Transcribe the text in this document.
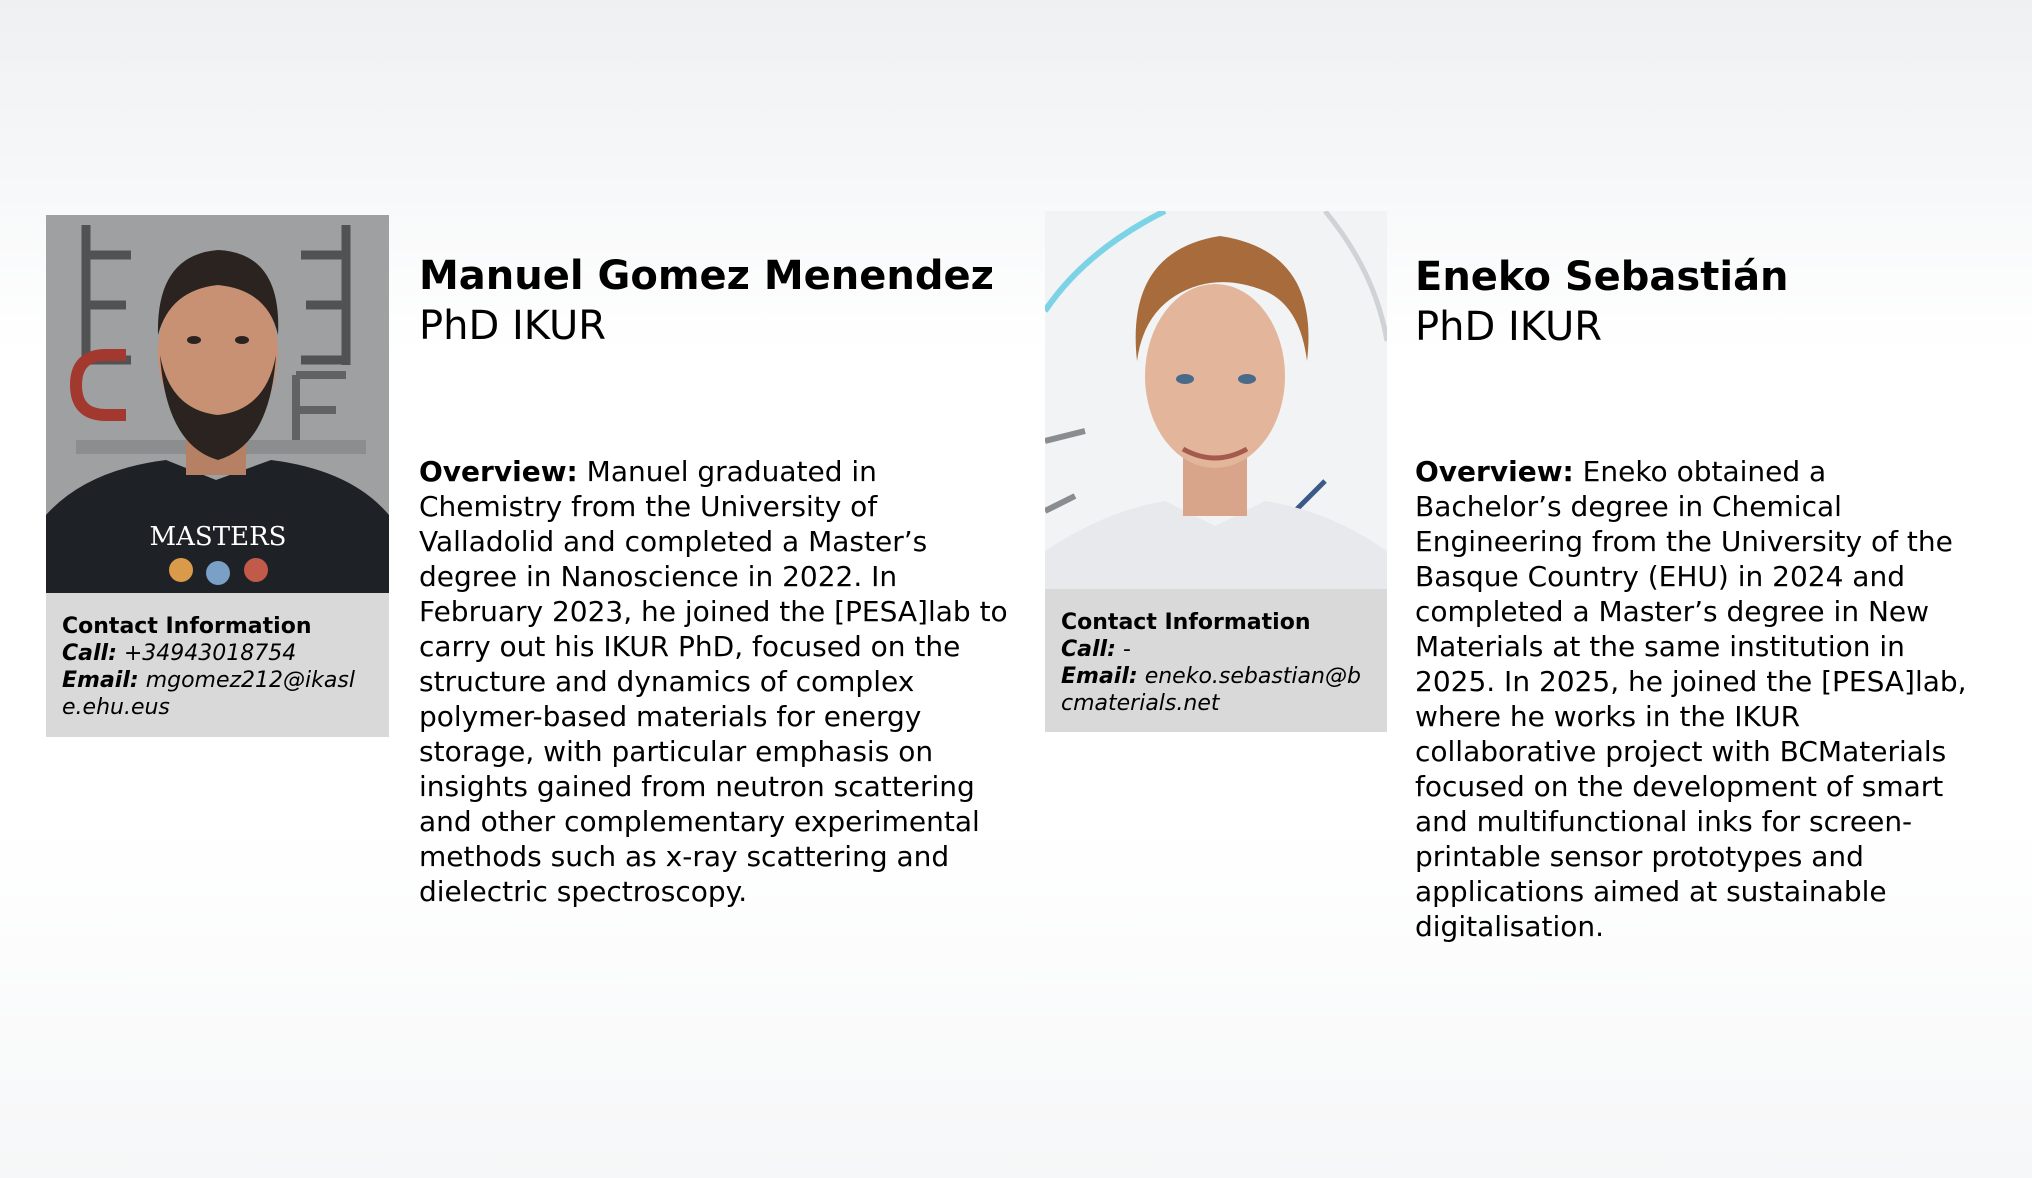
MASTERS
Contact Information
Call: +34943018754
Email: mgomez212@ikasle.ehu.eus
Manuel Gomez Menendez
PhD IKUR
Overview: Manuel graduated in Chemistry from the University of Valladolid and completed a Master’s degree in Nanoscience in 2022. In February 2023, he joined the [PESA]lab to carry out his IKUR PhD, focused on the structure and dynamics of complex polymer-based materials for energy storage, with particular emphasis on insights gained from neutron scattering and other complementary experimental methods such as x-ray scattering and dielectric spectroscopy.
Contact Information
Call: -
Email: eneko.sebastian@bcmaterials.net
Eneko Sebastián
PhD IKUR
Overview: Eneko obtained a Bachelor’s degree in Chemical Engineering from the University of the Basque Country (EHU) in 2024 and completed a Master’s degree in New Materials at the same institution in 2025. In 2025, he joined the [PESA]lab, where he works in the IKUR collaborative project with BCMaterials focused on the development of smart and multifunctional inks for screen-printable sensor prototypes and applications aimed at sustainable digitalisation.
